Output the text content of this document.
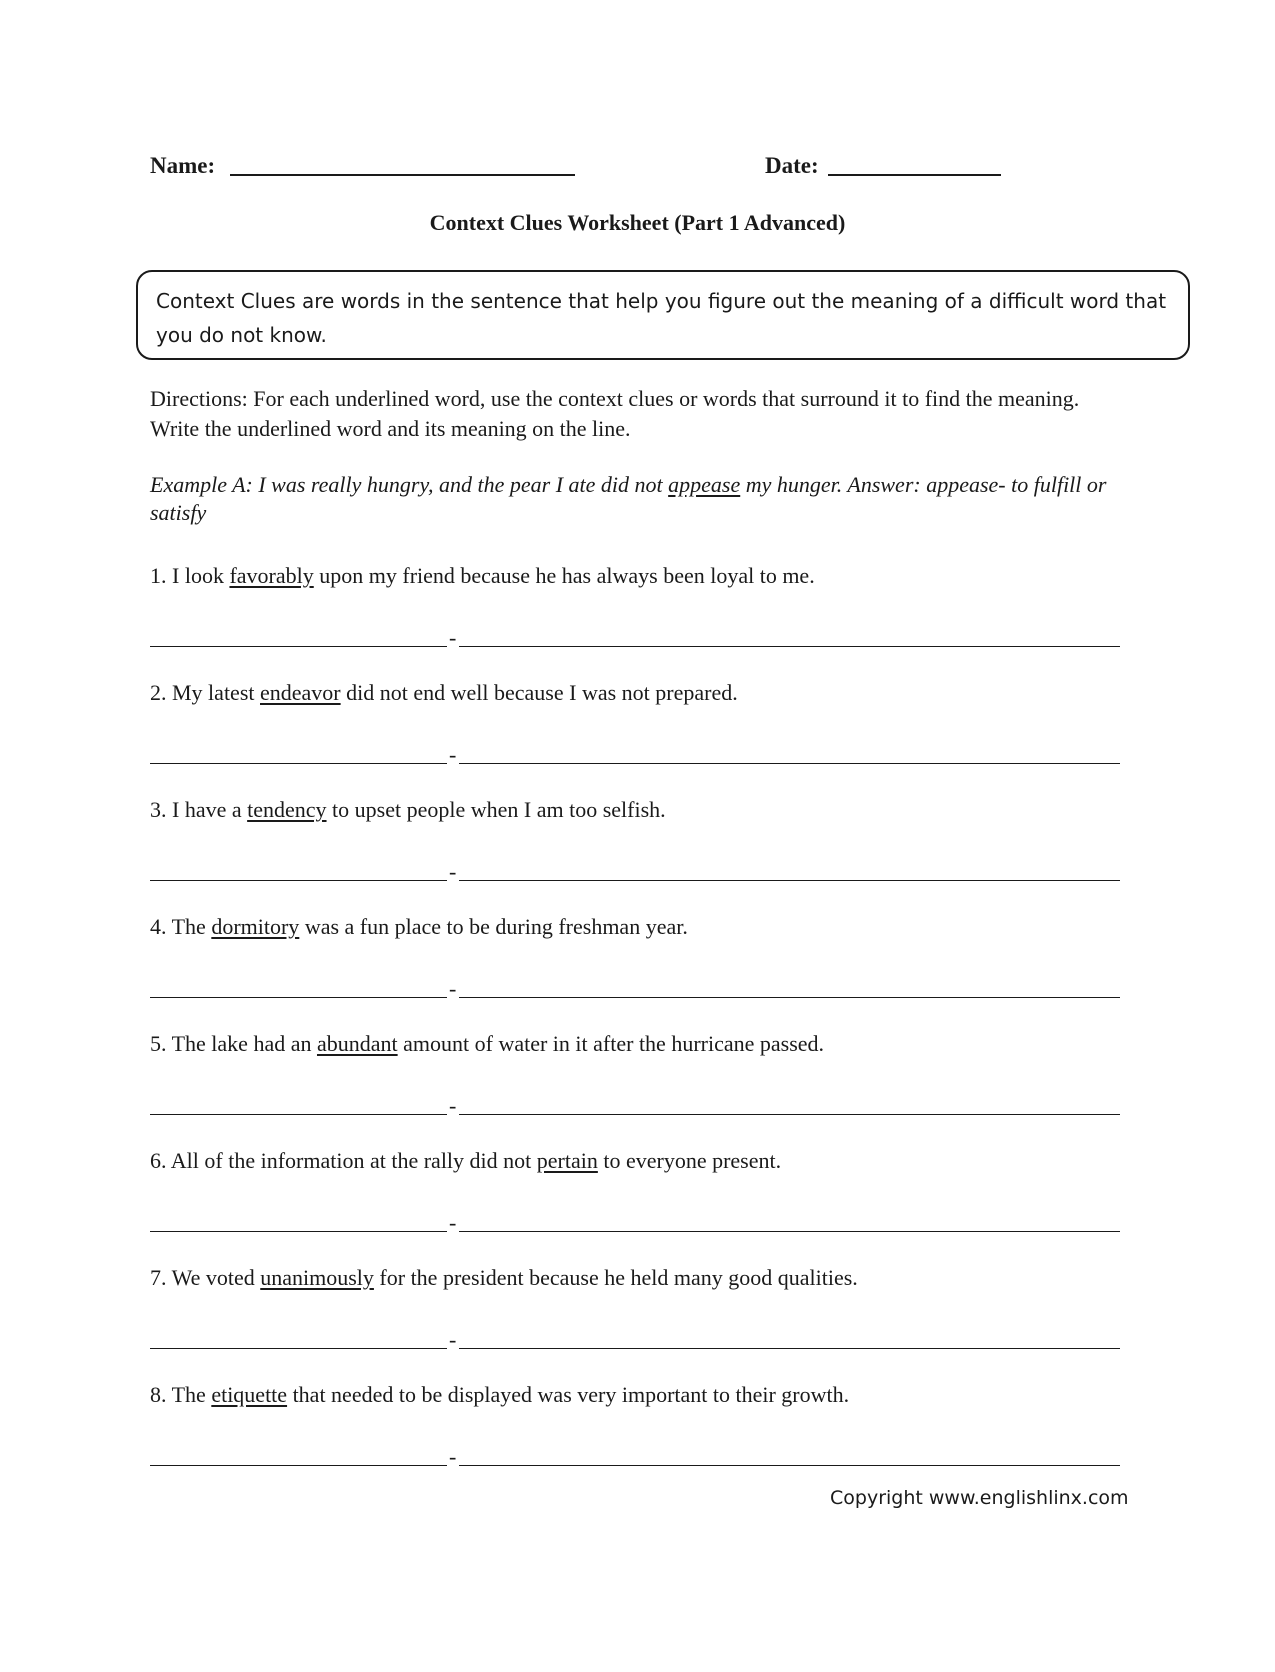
Name:	Date:
Context Clues Worksheet (Part 1 Advanced)
Context Clues are words in the sentence that help you figure out the meaning of a difficult word that you do not know.
Directions: For each underlined word, use the context clues or words that surround it to find the meaning. Write the underlined word and its meaning on the line.
Example A: I was really hungry, and the pear I ate did not appease my hunger. Answer: appease- to fulfill or satisfy
1. I look favorably upon my friend because he has always been loyal to me.
-
2. My latest endeavor did not end well because I was not prepared.
-
3. I have a tendency to upset people when I am too selfish.
-
4. The dormitory was a fun place to be during freshman year.
-
5. The lake had an abundant amount of water in it after the hurricane passed.
-
6. All of the information at the rally did not pertain to everyone present.
-
7. We voted unanimously for the president because he held many good qualities.
-
8. The etiquette that needed to be displayed was very important to their growth.
-
Copyright www.englishlinx.com
